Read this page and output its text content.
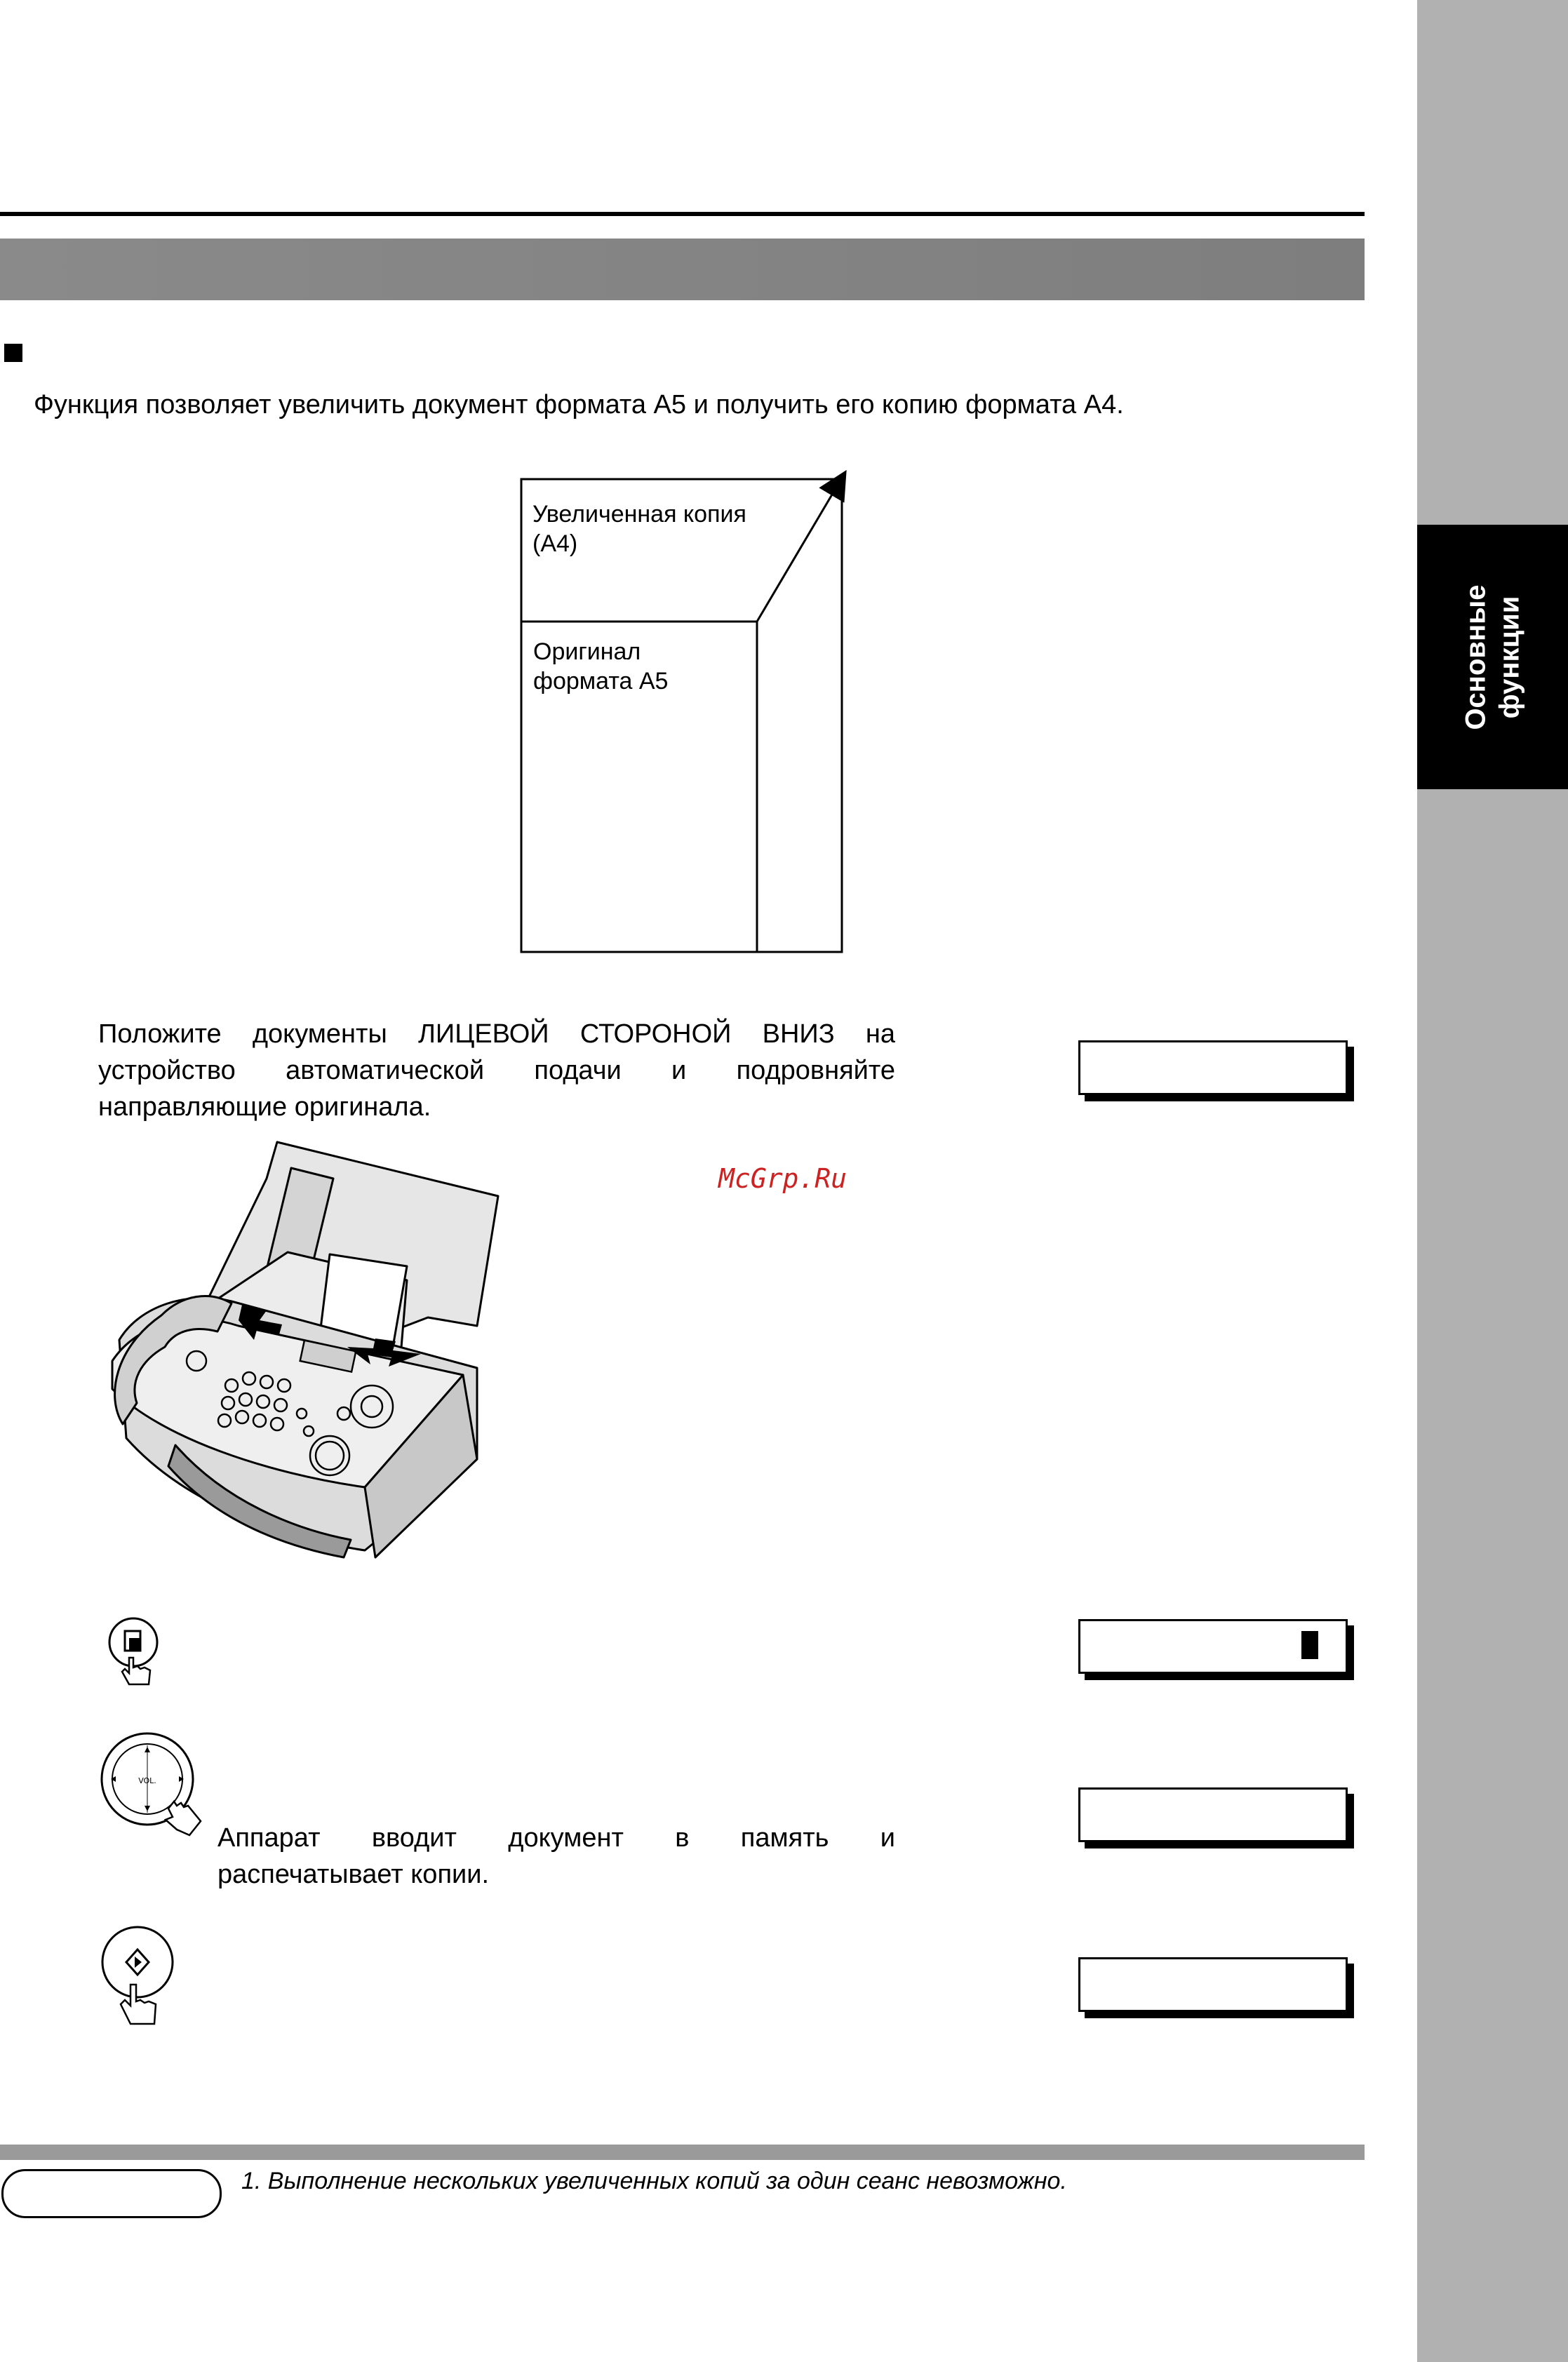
Основные функции
Функция позволяет увеличить документ формата А5 и получить его копию формата А4.
Увеличенная копия
(А4)
Оригинал
формата А5
Положите документы ЛИЦЕВОЙ СТОРОНОЙ ВНИЗ на
устройство автоматической подачи и подровняйте
направляющие оригинала.
McGrp.Ru
VOL.
Аппарат вводит документ в память и
распечатывает копии.
1. Выполнение нескольких увеличенных копий за один сеанс невозможно.
